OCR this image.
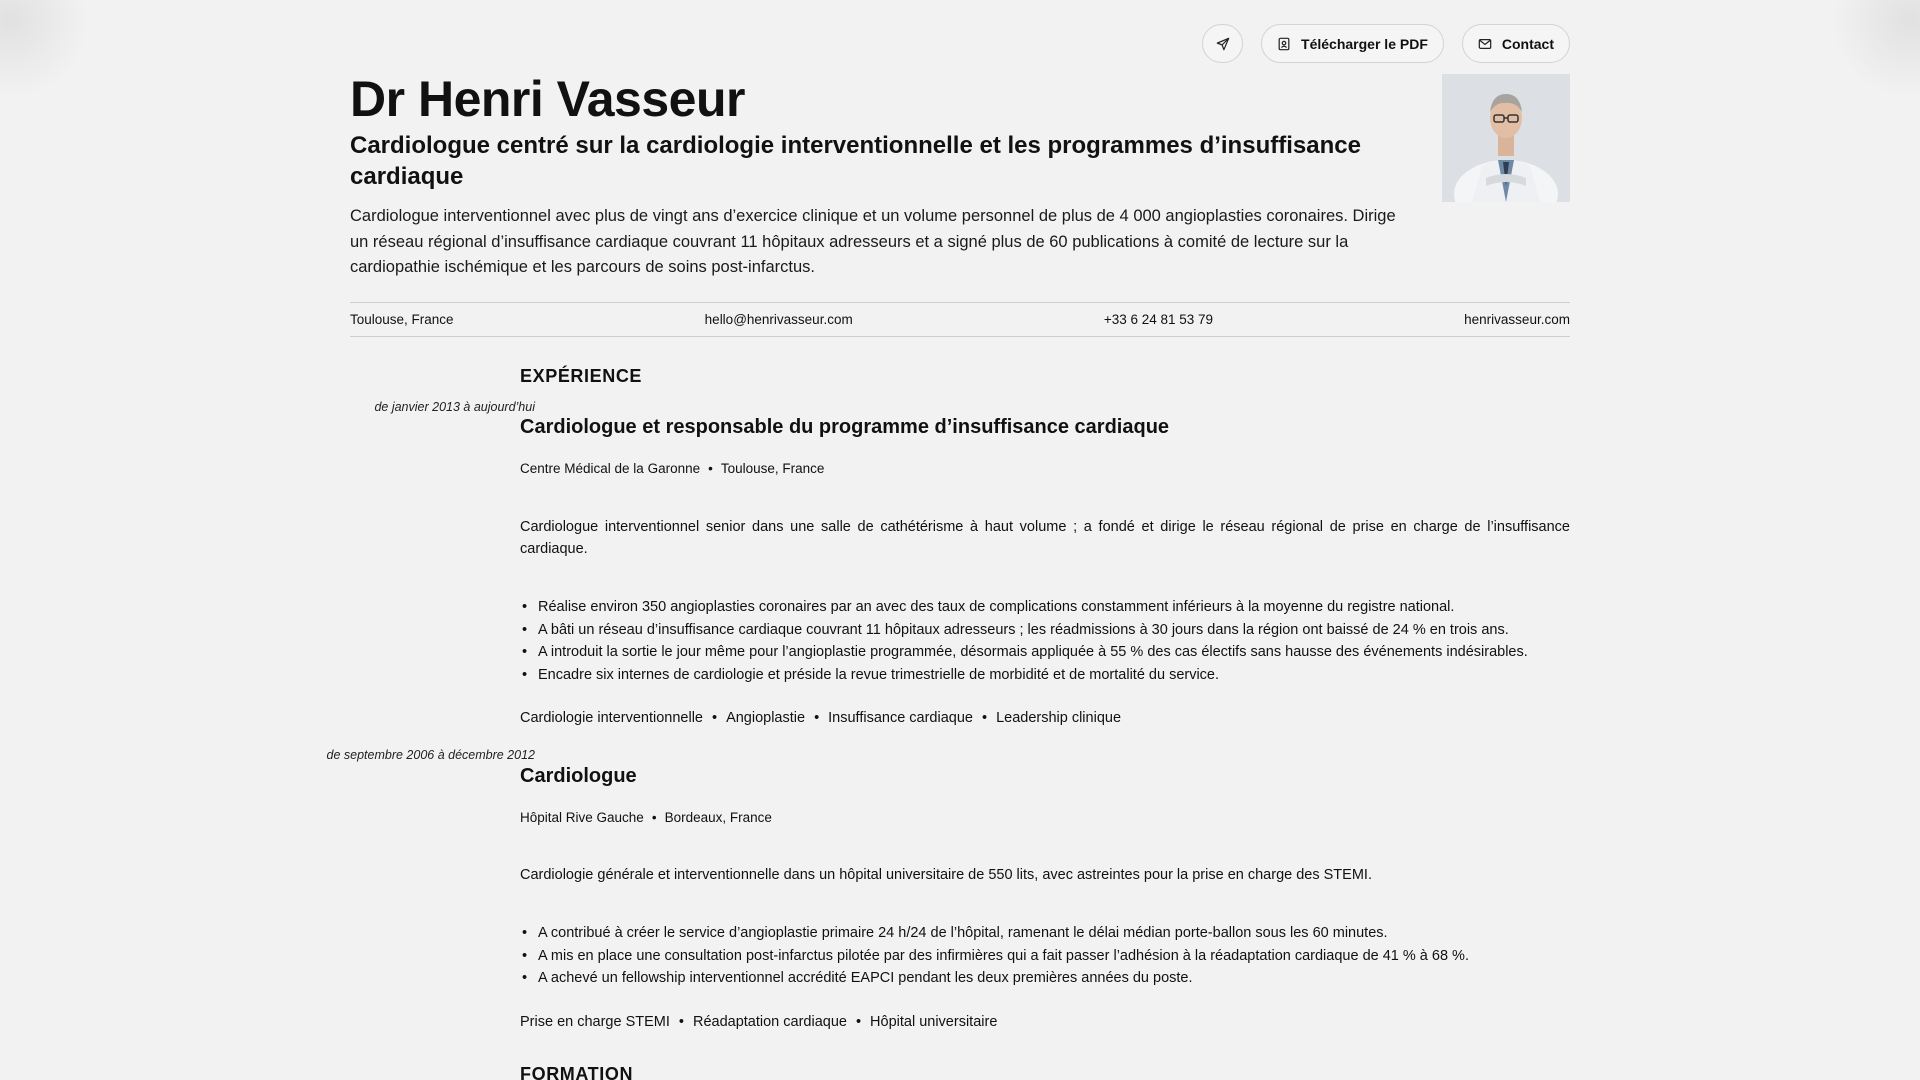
Télécharger le PDF	Contact
Dr Henri Vasseur
Cardiologue centré sur la cardiologie interventionnelle et les programmes d’insuffisance cardiaque

Cardiologue interventionnel avec plus de vingt ans d’exercice clinique et un volume personnel de plus de 4 000 angioplasties coronaires. Dirige un réseau régional d’insuffisance cardiaque couvrant 11 hôpitaux adresseurs et a signé plus de 60 publications à comité de lecture sur la cardiopathie ischémique et les parcours de soins post-infarctus.

Toulouse, France	hello@henrivasseur.com	+33 6 24 81 53 79	henrivasseur.com
EXPÉRIENCE
de janvier 2013 à aujourd’hui
Cardiologue et responsable du programme d’insuffisance cardiaque
Centre Médical de la Garonne • Toulouse, France
Cardiologue interventionnel senior dans une salle de cathétérisme à haut volume ; a fondé et dirige le réseau régional de prise en charge de l’insuffisance cardiaque.
• Réalise environ 350 angioplasties coronaires par an avec des taux de complications constamment inférieurs à la moyenne du registre national.
• A bâti un réseau d’insuffisance cardiaque couvrant 11 hôpitaux adresseurs ; les réadmissions à 30 jours dans la région ont baissé de 24 % en trois ans.
• A introduit la sortie le jour même pour l’angioplastie programmée, désormais appliquée à 55 % des cas électifs sans hausse des événements indésirables.
• Encadre six internes de cardiologie et préside la revue trimestrielle de morbidité et de mortalité du service.
Cardiologie interventionnelle • Angioplastie • Insuffisance cardiaque • Leadership clinique
de septembre 2006 à décembre 2012
Cardiologue
Hôpital Rive Gauche • Bordeaux, France
Cardiologie générale et interventionnelle dans un hôpital universitaire de 550 lits, avec astreintes pour la prise en charge des STEMI.
• A contribué à créer le service d’angioplastie primaire 24 h/24 de l’hôpital, ramenant le délai médian porte-ballon sous les 60 minutes.
• A mis en place une consultation post-infarctus pilotée par des infirmières qui a fait passer l’adhésion à la réadaptation cardiaque de 41 % à 68 %.
• A achevé un fellowship interventionnel accrédité EAPCI pendant les deux premières années du poste.
Prise en charge STEMI • Réadaptation cardiaque • Hôpital universitaire
FORMATION
